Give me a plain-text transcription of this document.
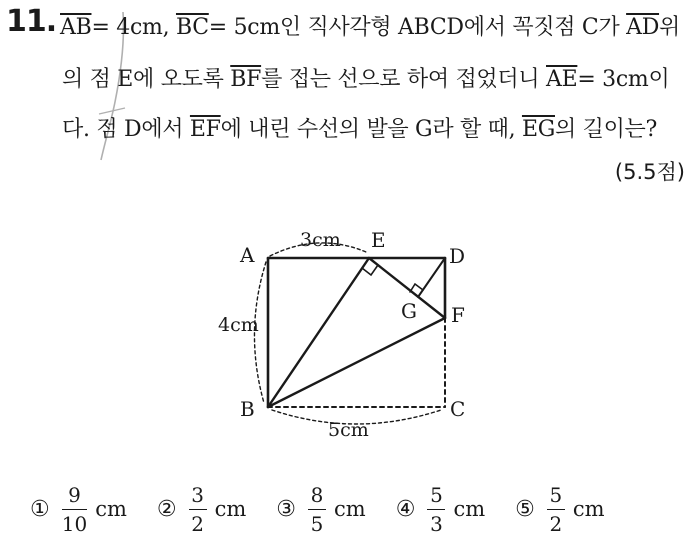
11. $\overline{AB}= 4cm$, $\overline{BC}= 5cm$인 직사각형 ABCD에서 꼭짓점 C가 $\overline{AD}$위
의 점 E에 오도록 $\overline{BF}$를 접는 선으로 하여 접었더니 $\overline{AE}= 3cm$이
다. 점 D에서 $\overline{EF}$에 내린 수선의 발을 G라 할 때, $\overline{EG}$의 길이는?
(5.5점)
A
E
D
G F
B	C
3cm
4cm
5cm
① $\frac{9}{10}$ cm ② $\frac{3}{2}$ cm ③ $\frac{8}{5}$ cm ④ $\frac{5}{3}$ cm ⑤ $\frac{5}{2}$ cm
